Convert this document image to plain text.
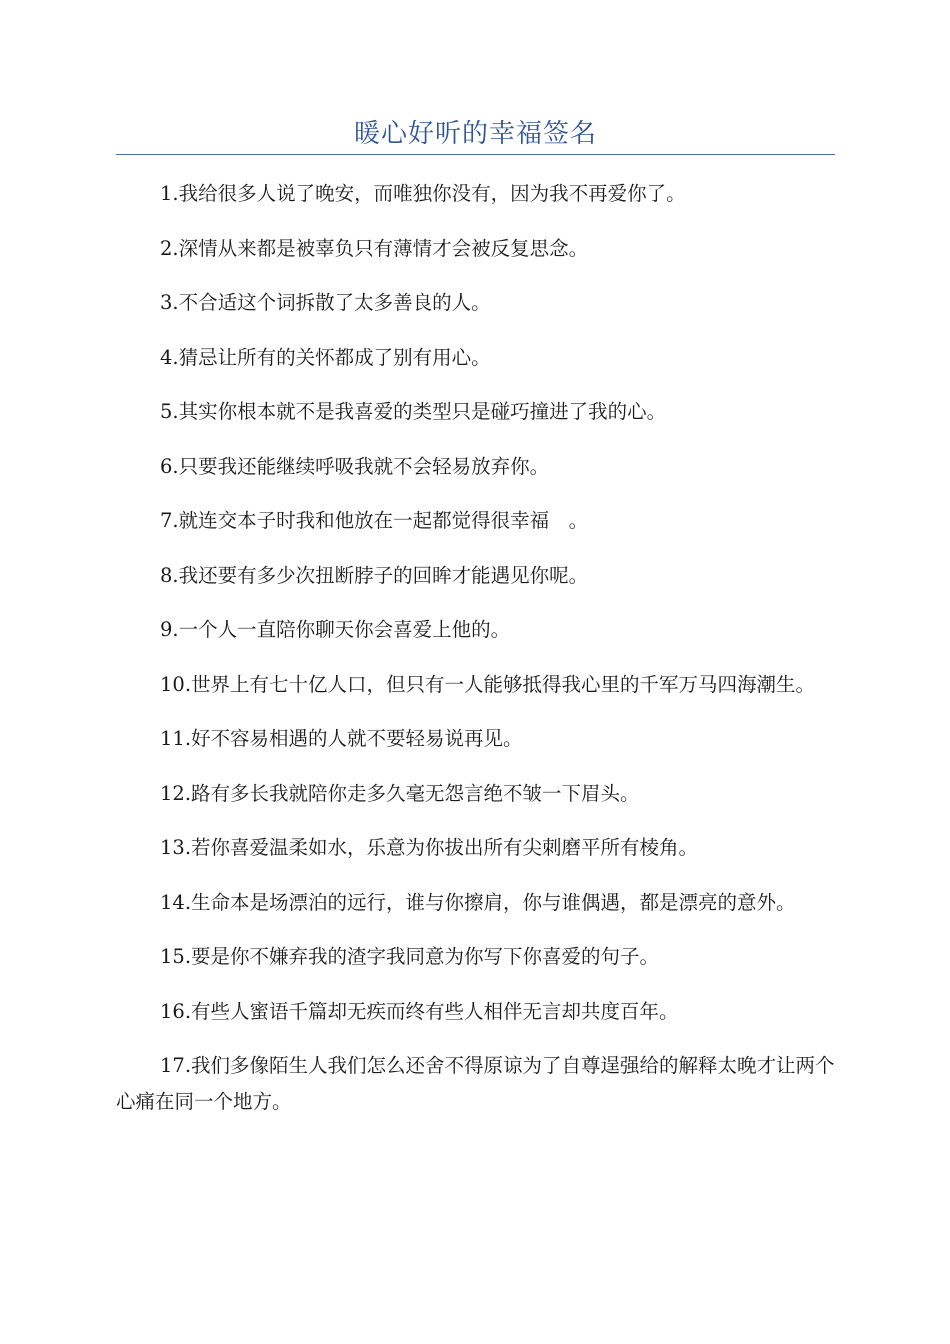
暖心好听的幸福签名
1.我给很多人说了晚安，而唯独你没有，因为我不再爱你了。
2.深情从来都是被辜负只有薄情才会被反复思念。
3.不合适这个词拆散了太多善良的人。
4.猜忌让所有的关怀都成了别有用心。
5.其实你根本就不是我喜爱的类型只是碰巧撞进了我的心。
6.只要我还能继续呼吸我就不会轻易放弃你。
7.就连交本子时我和他放在一起都觉得很幸福　。
8.我还要有多少次扭断脖子的回眸才能遇见你呢。
9.一个人一直陪你聊天你会喜爱上他的。
10.世界上有七十亿人口，但只有一人能够抵得我心里的千军万马四海潮生。
11.好不容易相遇的人就不要轻易说再见。
12.路有多长我就陪你走多久毫无怨言绝不皱一下眉头。
13.若你喜爱温柔如水，乐意为你拔出所有尖刺磨平所有棱角。
14.生命本是场漂泊的远行，谁与你擦肩，你与谁偶遇，都是漂亮的意外。
15.要是你不嫌弃我的渣字我同意为你写下你喜爱的句子。
16.有些人蜜语千篇却无疾而终有些人相伴无言却共度百年。
17.我们多像陌生人我们怎么还舍不得原谅为了自尊逞强给的解释太晚才让两个心痛在同一个地方。
